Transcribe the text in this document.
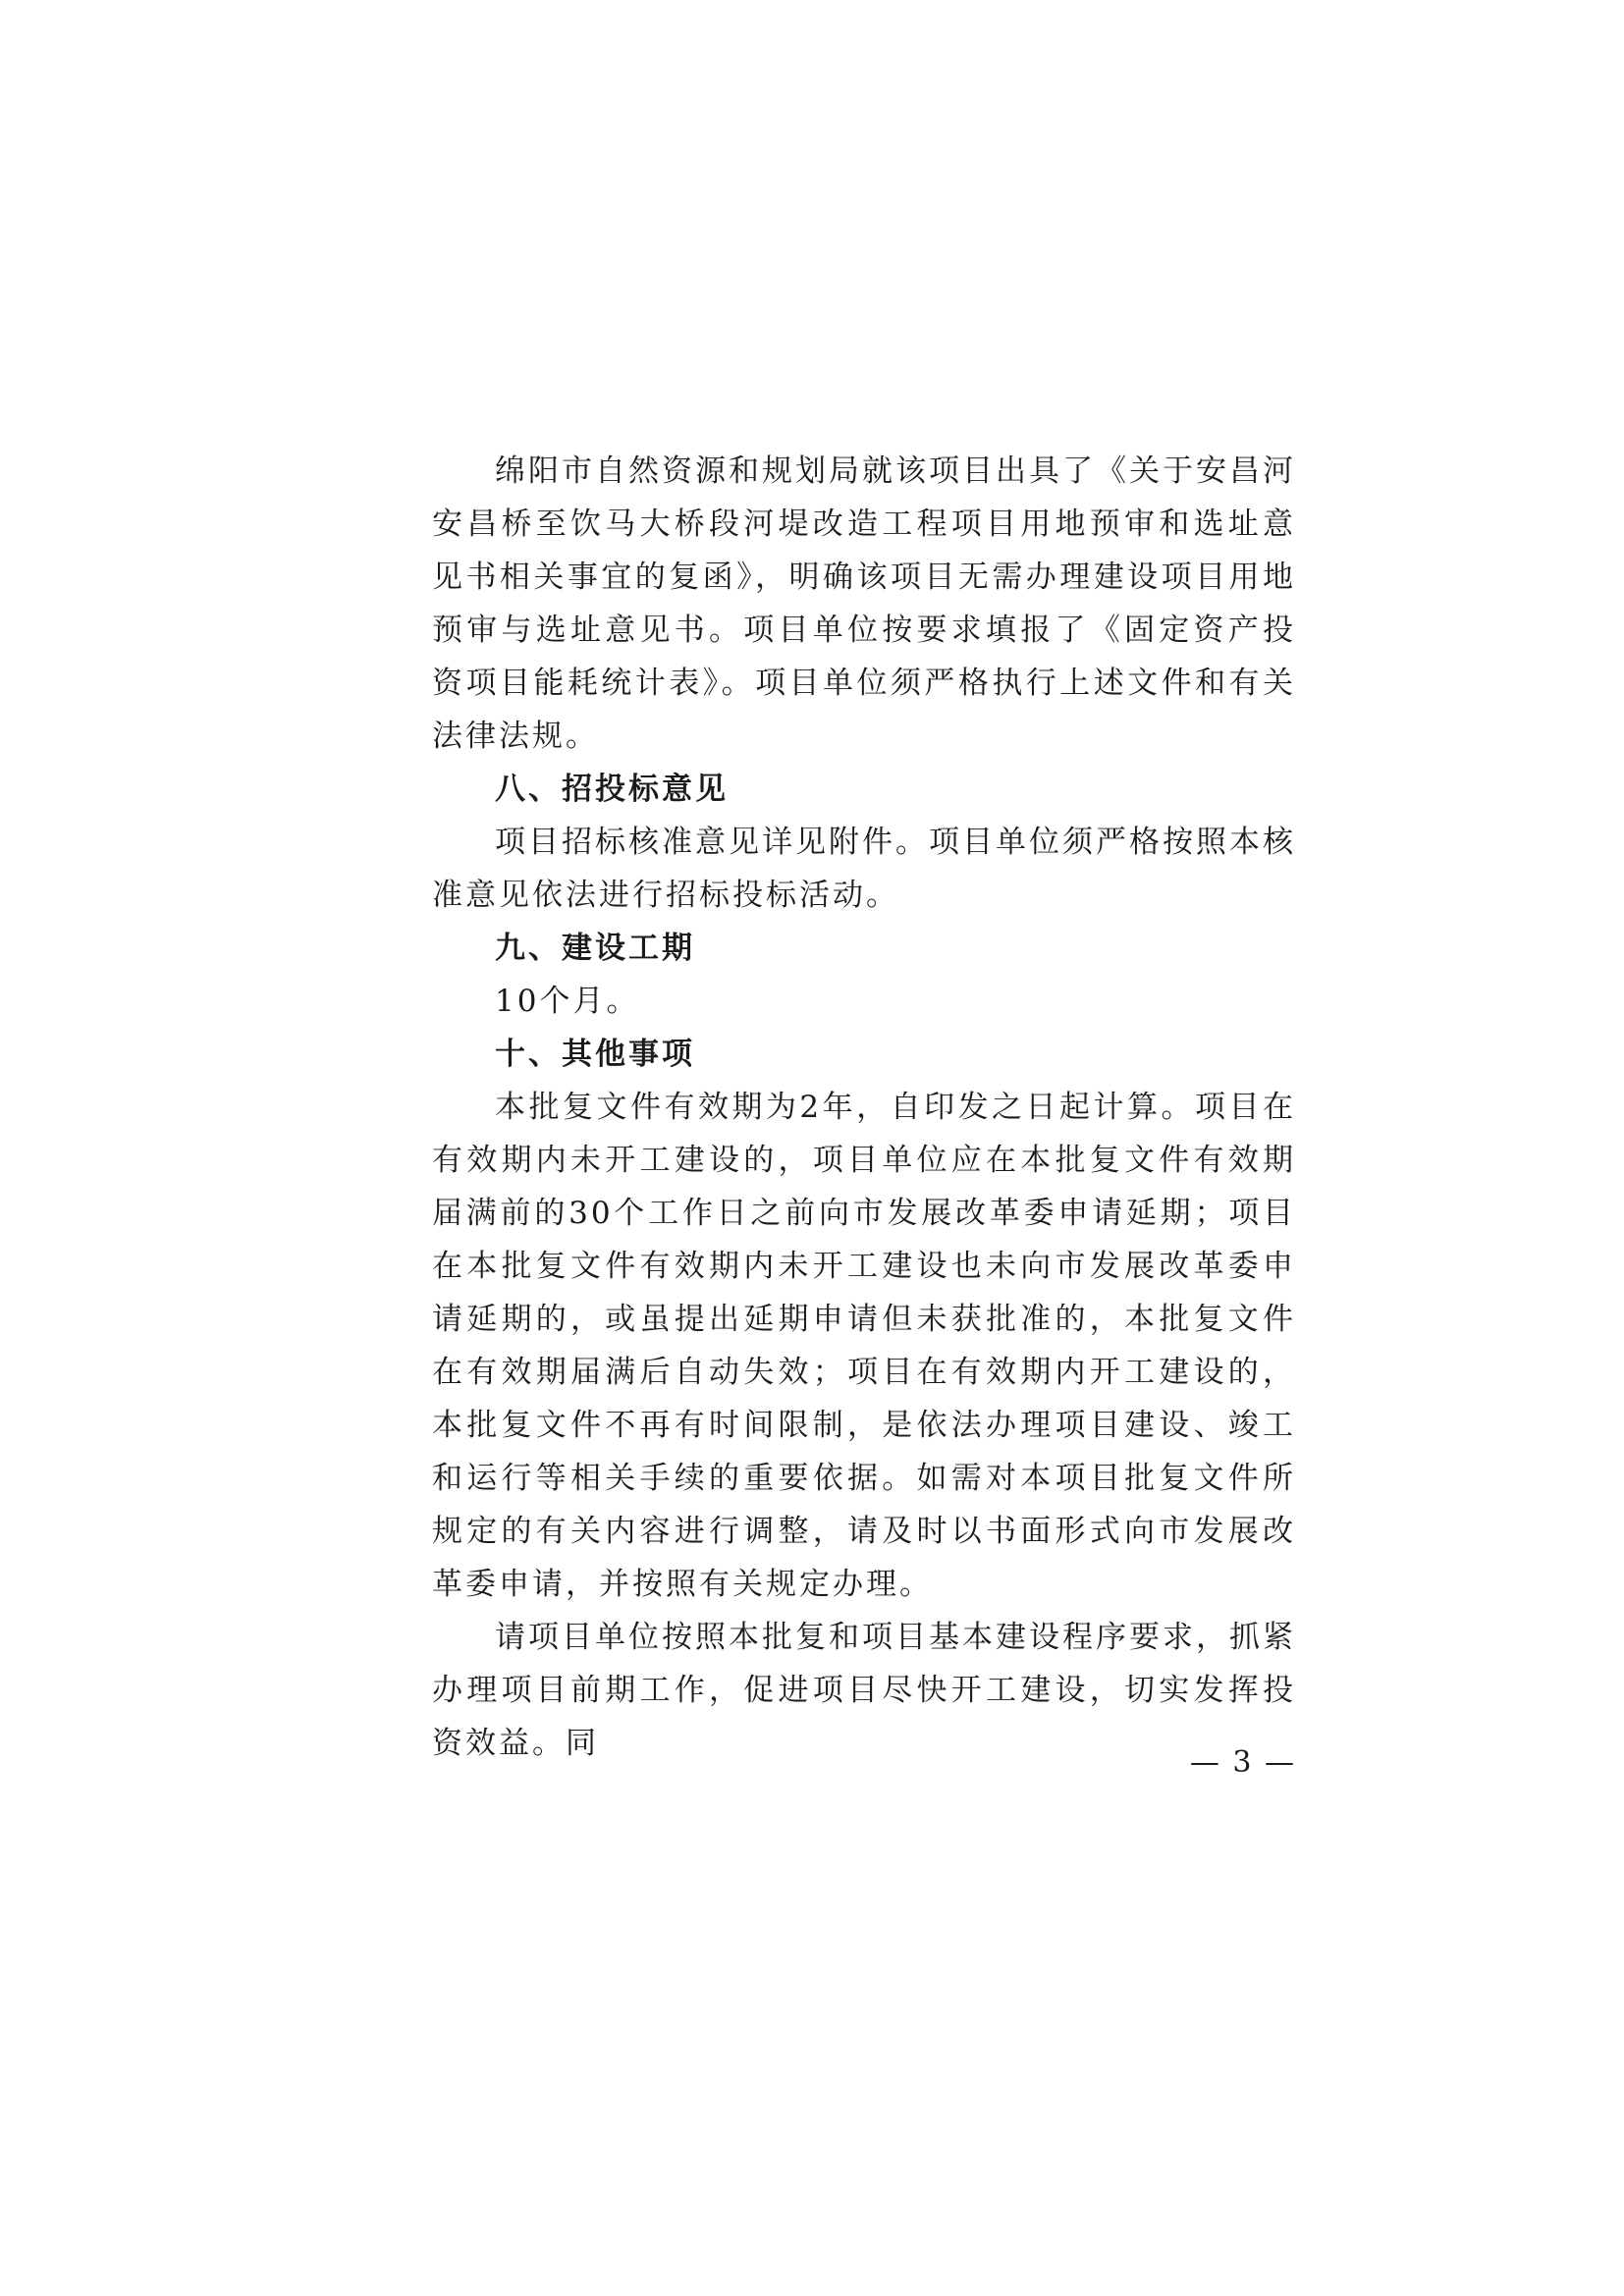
绵阳市自然资源和规划局就该项目出具了《关于安昌河安昌桥至饮马大桥段河堤改造工程项目用地预审和选址意见书相关事宜的复函》，明确该项目无需办理建设项目用地预审与选址意见书。项目单位按要求填报了《固定资产投资项目能耗统计表》。项目单位须严格执行上述文件和有关法律法规。

八、招投标意见

项目招标核准意见详见附件。项目单位须严格按照本核准意见依法进行招标投标活动。

九、建设工期

10个月。

十、其他事项

本批复文件有效期为2年，自印发之日起计算。项目在有效期内未开工建设的，项目单位应在本批复文件有效期届满前的30个工作日之前向市发展改革委申请延期；项目在本批复文件有效期内未开工建设也未向市发展改革委申请延期的，或虽提出延期申请但未获批准的，本批复文件在有效期届满后自动失效；项目在有效期内开工建设的，本批复文件不再有时间限制，是依法办理项目建设、竣工和运行等相关手续的重要依据。如需对本项目批复文件所规定的有关内容进行调整，请及时以书面形式向市发展改革委申请，并按照有关规定办理。

请项目单位按照本批复和项目基本建设程序要求，抓紧办理项目前期工作，促进项目尽快开工建设，切实发挥投资效益。同

— 3 —
